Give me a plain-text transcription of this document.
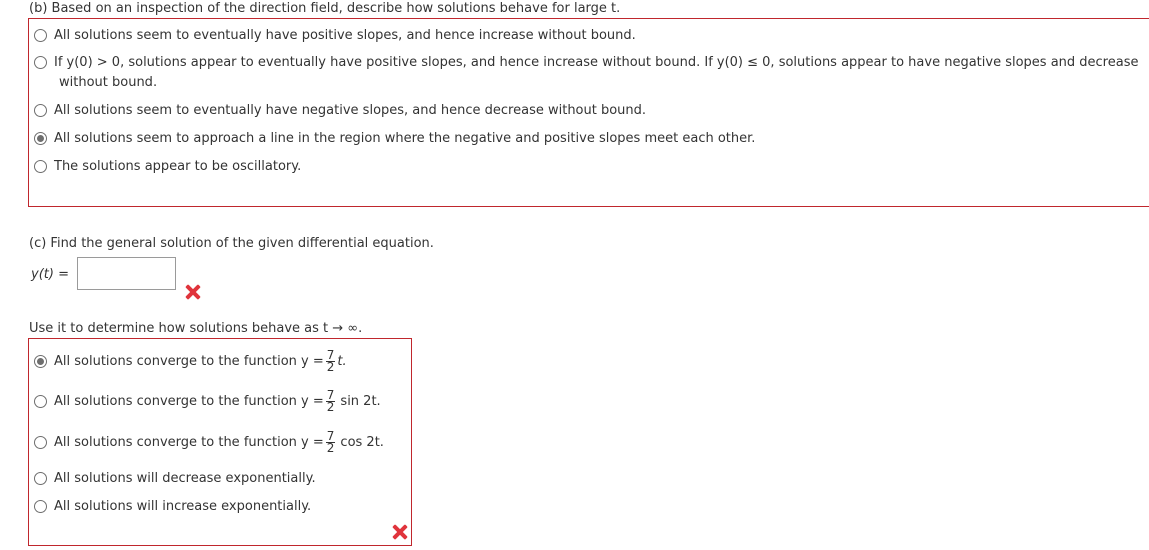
(b) Based on an inspection of the direction field, describe how solutions behave for large t.
All solutions seem to eventually have positive slopes, and hence increase without bound.
If y(0) > 0, solutions appear to eventually have positive slopes, and hence increase without bound. If y(0) ≤ 0, solutions appear to have negative slopes and decrease
without bound.
All solutions seem to eventually have negative slopes, and hence decrease without bound.
All solutions seem to approach a line in the region where the negative and positive slopes meet each other.
The solutions appear to be oscillatory.
(c) Find the general solution of the given differential equation.
y(t) =
Use it to determine how solutions behave as t → ∞.
All solutions converge to the function $y = \frac{7}{2} t$.
All solutions converge to the function $y = \frac{7}{2}$ sin 2t.
All solutions converge to the function $y = \frac{7}{2}$ cos 2t.
All solutions will decrease exponentially.
All solutions will increase exponentially.
